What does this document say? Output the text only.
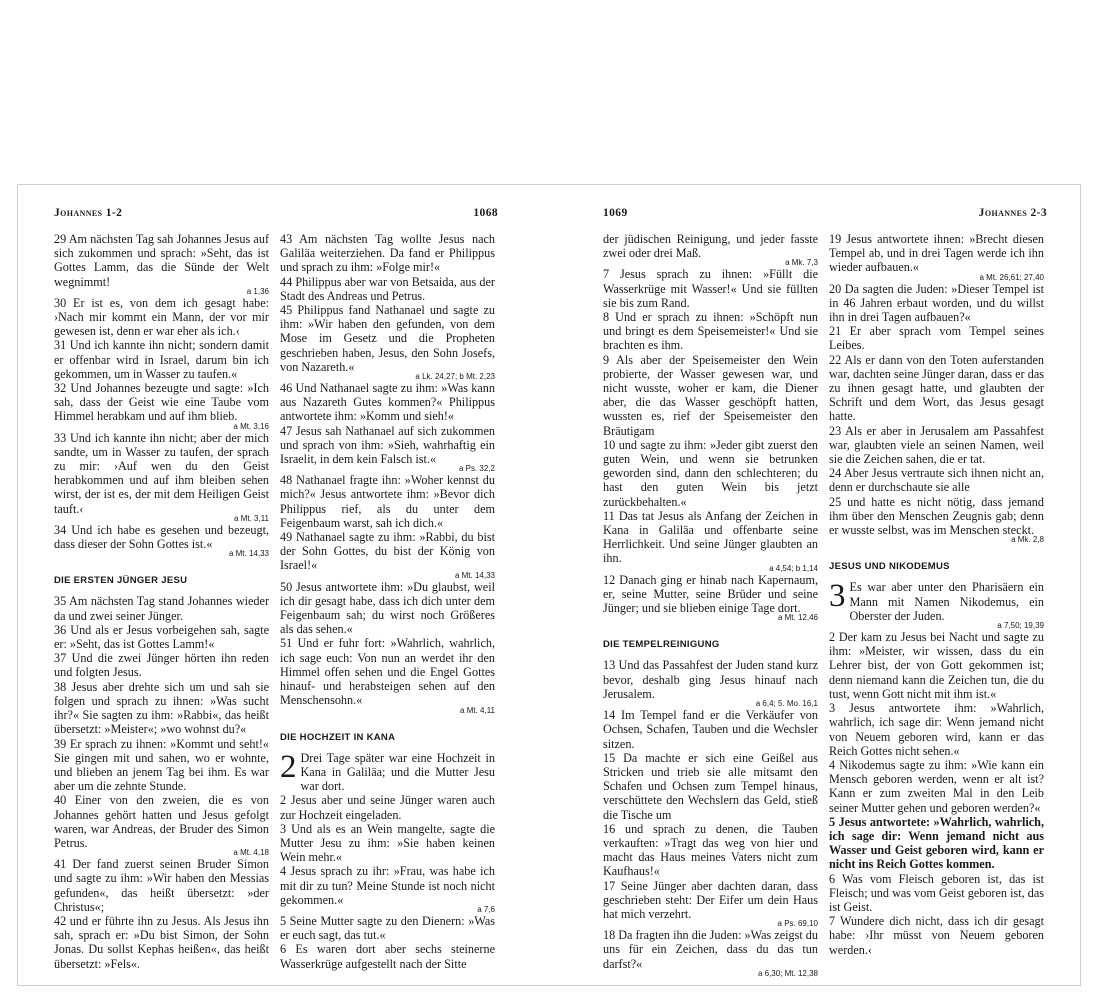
Johannes 1-2	1068

29 Am nächsten Tag sah Johannes Jesus auf sich zukommen und sprach: »Seht, das ist Gottes Lamm, das die Sünde der Welt wegnimmt!

a 1,36

30 Er ist es, von dem ich gesagt habe: ›Nach mir kommt ein Mann, der vor mir gewesen ist, denn er war eher als ich.‹

31 Und ich kannte ihn nicht; sondern damit er offenbar wird in Israel, darum bin ich gekommen, um in Wasser zu taufen.«

32 Und Johannes bezeugte und sagte: »Ich sah, dass der Geist wie eine Taube vom Himmel herabkam und auf ihm blieb.

a Mt. 3,16

33 Und ich kannte ihn nicht; aber der mich sandte, um in Wasser zu taufen, der sprach zu mir: ›Auf wen du den Geist herabkommen und auf ihm bleiben sehen wirst, der ist es, der mit dem Heiligen Geist tauft.‹

a Mt. 3,11

34 Und ich habe es gesehen und bezeugt, dass dieser der Sohn Gottes ist.«

a Mt. 14,33
DIE ERSTEN JÜNGER JESU

35 Am nächsten Tag stand Johannes wieder da und zwei seiner Jünger.

36 Und als er Jesus vorbeigehen sah, sagte er: »Seht, das ist Gottes Lamm!«

37 Und die zwei Jünger hörten ihn reden und folgten Jesus.

38 Jesus aber drehte sich um und sah sie folgen und sprach zu ihnen: »Was sucht ihr?« Sie sagten zu ihm: »Rabbi«, das heißt übersetzt: »Meister«; »wo wohnst du?«

39 Er sprach zu ihnen: »Kommt und seht!« Sie gingen mit und sahen, wo er wohnte, und blieben an jenem Tag bei ihm. Es war aber um die zehnte Stunde.

40 Einer von den zweien, die es von Johannes gehört hatten und Jesus gefolgt waren, war Andreas, der Bruder des Simon Petrus.

a Mt. 4,18

41 Der fand zuerst seinen Bruder Simon und sagte zu ihm: »Wir haben den Messias gefunden«, das heißt übersetzt: »der Christus«;

42 und er führte ihn zu Jesus. Als Jesus ihn sah, sprach er: »Du bist Simon, der Sohn Jonas. Du sollst Kephas heißen«, das heißt übersetzt: »Fels«.

43 Am nächsten Tag wollte Jesus nach Galiläa weiterziehen. Da fand er Philippus und sprach zu ihm: »Folge mir!«

44 Philippus aber war von Betsaida, aus der Stadt des Andreas und Petrus.

45 Philippus fand Nathanael und sagte zu ihm: »Wir haben den gefunden, von dem Mose im Gesetz und die Propheten geschrieben haben, Jesus, den Sohn Josefs, von Nazareth.«

a Lk. 24,27; b Mt. 2,23

46 Und Nathanael sagte zu ihm: »Was kann aus Nazareth Gutes kommen?« Philippus antwortete ihm: »Komm und sieh!«

47 Jesus sah Nathanael auf sich zukommen und sprach von ihm: »Sieh, wahrhaftig ein Israelit, in dem kein Falsch ist.«

a Ps. 32,2

48 Nathanael fragte ihn: »Woher kennst du mich?« Jesus antwortete ihm: »Bevor dich Philippus rief, als du unter dem Feigenbaum warst, sah ich dich.«

49 Nathanael sagte zu ihm: »Rabbi, du bist der Sohn Gottes, du bist der König von Israel!«

a Mt. 14,33

50 Jesus antwortete ihm: »Du glaubst, weil ich dir gesagt habe, dass ich dich unter dem Feigenbaum sah; du wirst noch Größeres als das sehen.«

51 Und er fuhr fort: »Wahrlich, wahrlich, ich sage euch: Von nun an werdet ihr den Himmel offen sehen und die Engel Gottes hinauf- und herabsteigen sehen auf den Menschensohn.«

a Mt. 4,11
DIE HOCHZEIT IN KANA

2 Drei Tage später war eine Hochzeit in Kana in Galiläa; und die Mutter Jesu war dort.

2 Jesus aber und seine Jünger waren auch zur Hochzeit eingeladen.

3 Und als es an Wein mangelte, sagte die Mutter Jesu zu ihm: »Sie haben keinen Wein mehr.«

4 Jesus sprach zu ihr: »Frau, was habe ich mit dir zu tun? Meine Stunde ist noch nicht gekommen.«

a 7,6

5 Seine Mutter sagte zu den Dienern: »Was er euch sagt, das tut.«

6 Es waren dort aber sechs steinerne Wasserkrüge aufgestellt nach der Sitte

1069	Johannes 2-3

der jüdischen Reinigung, und jeder fasste zwei oder drei Maß.

a Mk. 7,3

7 Jesus sprach zu ihnen: »Füllt die Wasserkrüge mit Wasser!« Und sie füllten sie bis zum Rand.

8 Und er sprach zu ihnen: »Schöpft nun und bringt es dem Speisemeister!« Und sie brachten es ihm.

9 Als aber der Speisemeister den Wein probierte, der Wasser gewesen war, und nicht wusste, woher er kam, die Diener aber, die das Wasser geschöpft hatten, wussten es, rief der Speisemeister den Bräutigam

10 und sagte zu ihm: »Jeder gibt zuerst den guten Wein, und wenn sie betrunken geworden sind, dann den schlechteren; du hast den guten Wein bis jetzt zurückbehalten.«

11 Das tat Jesus als Anfang der Zeichen in Kana in Galiläa und offenbarte seine Herrlichkeit. Und seine Jünger glaubten an ihn.

a 4,54; b 1,14

12 Danach ging er hinab nach Kapernaum, er, seine Mutter, seine Brüder und seine Jünger; und sie blieben einige Tage dort.

a Mt. 12,46
DIE TEMPELREINIGUNG

13 Und das Passahfest der Juden stand kurz bevor, deshalb ging Jesus hinauf nach Jerusalem.

a 6,4; 5. Mo. 16,1

14 Im Tempel fand er die Verkäufer von Ochsen, Schafen, Tauben und die Wechsler sitzen.

15 Da machte er sich eine Geißel aus Stricken und trieb sie alle mitsamt den Schafen und Ochsen zum Tempel hinaus, verschüttete den Wechslern das Geld, stieß die Tische um

16 und sprach zu denen, die Tauben verkauften: »Tragt das weg von hier und macht das Haus meines Vaters nicht zum Kaufhaus!«

17 Seine Jünger aber dachten daran, dass geschrieben steht: Der Eifer um dein Haus hat mich verzehrt.

a Ps. 69,10

18 Da fragten ihn die Juden: »Was zeigst du uns für ein Zeichen, dass du das tun darfst?«

a 6,30; Mt. 12,38

19 Jesus antwortete ihnen: »Brecht diesen Tempel ab, und in drei Tagen werde ich ihn wieder aufbauen.«

a Mt. 26,61; 27,40

20 Da sagten die Juden: »Dieser Tempel ist in 46 Jahren erbaut worden, und du willst ihn in drei Tagen aufbauen?«

21 Er aber sprach vom Tempel seines Leibes.

22 Als er dann von den Toten auferstanden war, dachten seine Jünger daran, dass er das zu ihnen gesagt hatte, und glaubten der Schrift und dem Wort, das Jesus gesagt hatte.

23 Als er aber in Jerusalem am Passahfest war, glaubten viele an seinen Namen, weil sie die Zeichen sahen, die er tat.

24 Aber Jesus vertraute sich ihnen nicht an, denn er durchschaute sie alle

25 und hatte es nicht nötig, dass jemand ihm über den Menschen Zeugnis gab; denn er wusste selbst, was im Menschen steckt.

a Mk. 2,8
JESUS UND NIKODEMUS

3 Es war aber unter den Pharisäern ein Mann mit Namen Nikodemus, ein Oberster der Juden.

a 7,50; 19,39

2 Der kam zu Jesus bei Nacht und sagte zu ihm: »Meister, wir wissen, dass du ein Lehrer bist, der von Gott gekommen ist; denn niemand kann die Zeichen tun, die du tust, wenn Gott nicht mit ihm ist.«

3 Jesus antwortete ihm: »Wahrlich, wahrlich, ich sage dir: Wenn jemand nicht von Neuem geboren wird, kann er das Reich Gottes nicht sehen.«

4 Nikodemus sagte zu ihm: »Wie kann ein Mensch geboren werden, wenn er alt ist? Kann er zum zweiten Mal in den Leib seiner Mutter gehen und geboren werden?«

5 Jesus antwortete: »Wahrlich, wahrlich, ich sage dir: Wenn jemand nicht aus Wasser und Geist geboren wird, kann er nicht ins Reich Gottes kommen.

6 Was vom Fleisch geboren ist, das ist Fleisch; und was vom Geist geboren ist, das ist Geist.

7 Wundere dich nicht, dass ich dir gesagt habe: ›Ihr müsst von Neuem geboren werden.‹
